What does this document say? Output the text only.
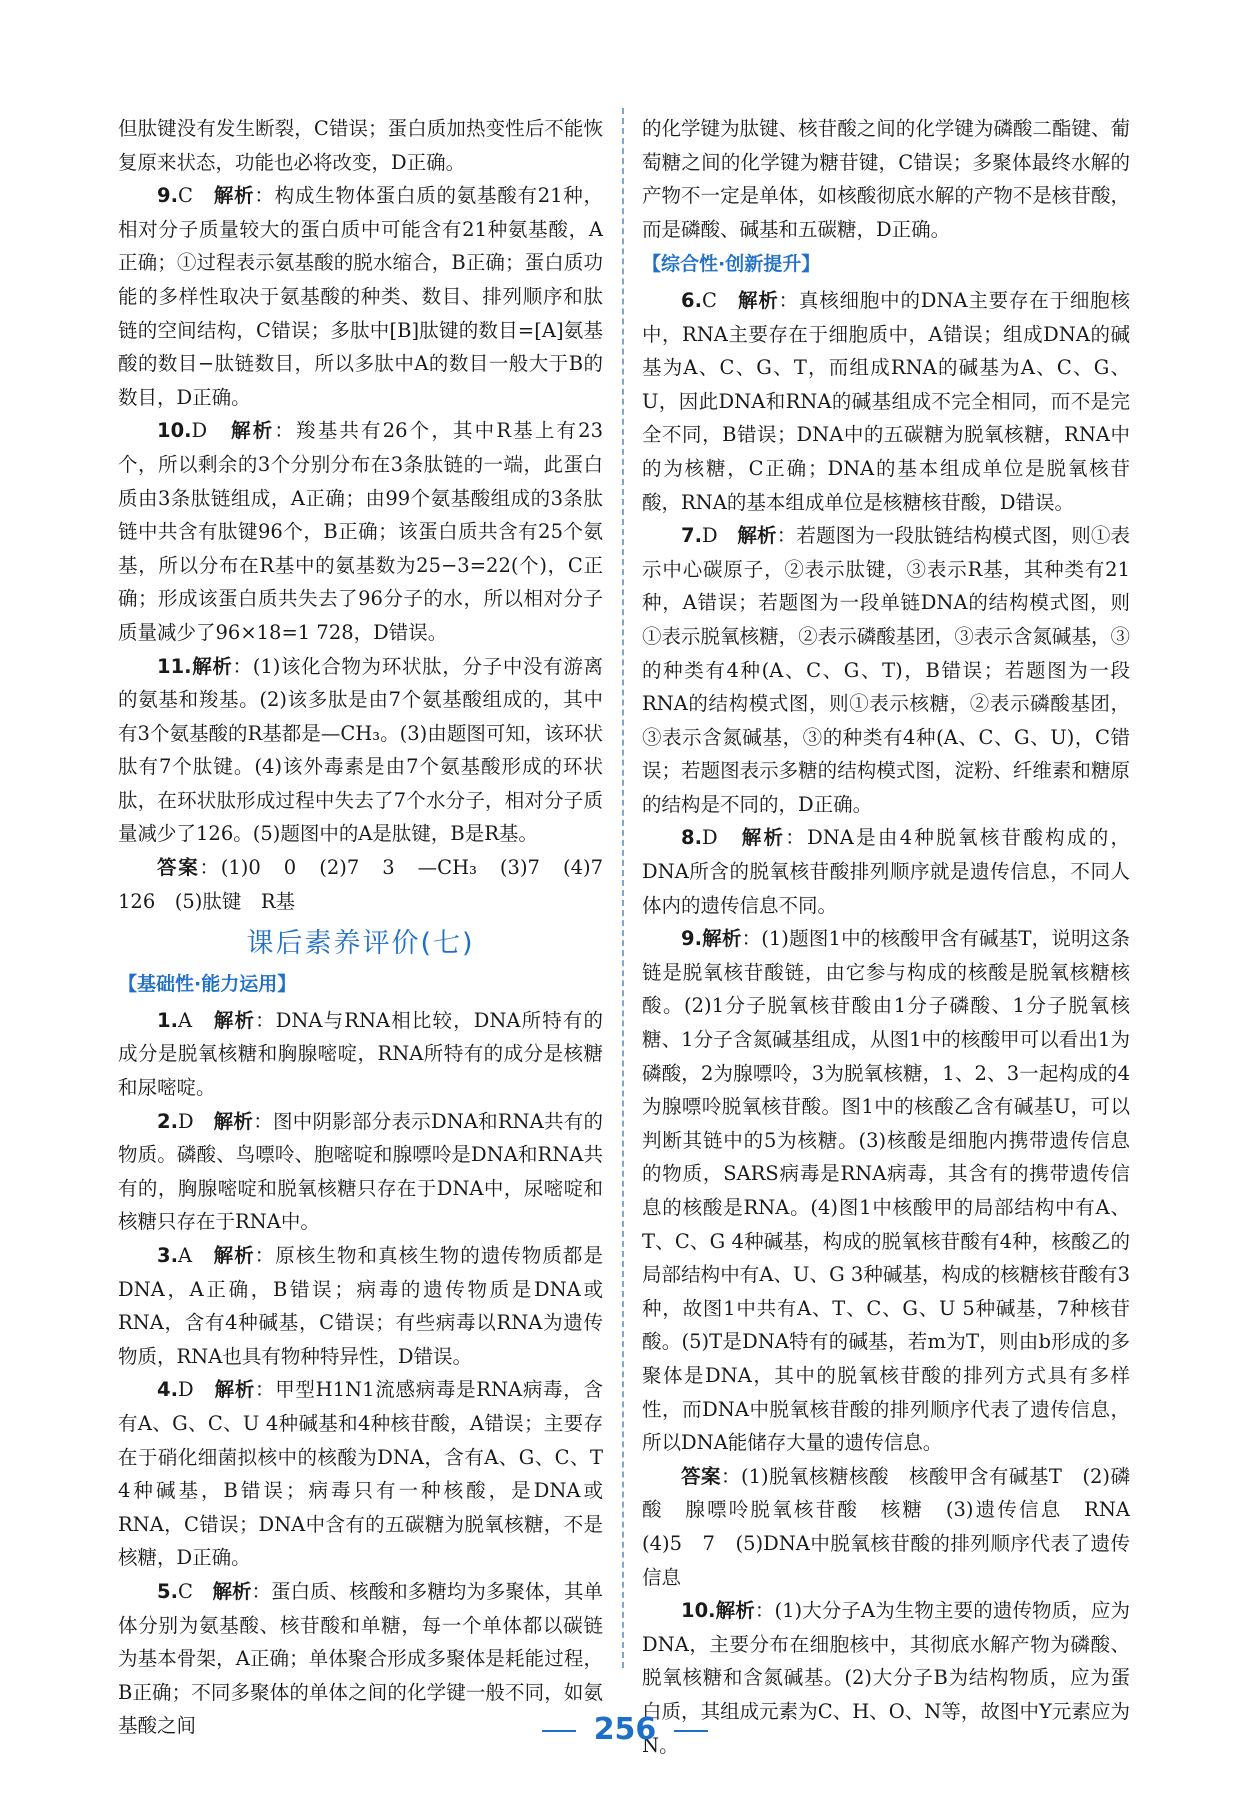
但肽键没有发生断裂，C错误；蛋白质加热变性后不能恢复原来状态，功能也必将改变，D正确。

9.C　 解析：构成生物体蛋白质的氨基酸有21种，相对分子质量较大的蛋白质中可能含有21种氨基酸，A正确；①过程表示氨基酸的脱水缩合，B正确；蛋白质功能的多样性取决于氨基酸的种类、数目、排列顺序和肽链的空间结构，C错误；多肽中[B]肽键的数目=[A]氨基酸的数目−肽链数目，所以多肽中A的数目一般大于B的数目，D正确。

10.D　 解析：羧基共有26个，其中R基上有23个，所以剩余的3个分别分布在3条肽链的一端，此蛋白质由3条肽链组成，A正确；由99个氨基酸组成的3条肽链中共含有肽键96个，B正确；该蛋白质共含有25个氨基，所以分布在R基中的氨基数为25−3=22(个)，C正确；形成该蛋白质共失去了96分子的水，所以相对分子质量减少了96×18=1 728，D错误。

11.解析：(1)该化合物为环状肽，分子中没有游离的氨基和羧基。(2)该多肽是由7个氨基酸组成的，其中有3个氨基酸的R基都是—CH₃。(3)由题图可知，该环状肽有7个肽键。(4)该外毒素是由7个氨基酸形成的环状肽，在环状肽形成过程中失去了7个水分子，相对分子质量减少了126。(5)题图中的A是肽键，B是R基。

答案：(1)0　0　(2)7　3　—CH₃　(3)7　(4)7　126　(5)肽键　R基

课后素养评价(七)

【基础性·能力运用】

1.A　 解析：DNA与RNA相比较，DNA所特有的成分是脱氧核糖和胸腺嘧啶，RNA所特有的成分是核糖和尿嘧啶。

2.D　 解析：图中阴影部分表示DNA和RNA共有的物质。磷酸、鸟嘌呤、胞嘧啶和腺嘌呤是DNA和RNA共有的，胸腺嘧啶和脱氧核糖只存在于DNA中，尿嘧啶和核糖只存在于RNA中。

3.A　 解析：原核生物和真核生物的遗传物质都是DNA，A正确，B错误；病毒的遗传物质是DNA或RNA，含有4种碱基，C错误；有些病毒以RNA为遗传物质，RNA也具有物种特异性，D错误。

4.D　 解析：甲型H1N1流感病毒是RNA病毒，含有A、G、C、U 4种碱基和4种核苷酸，A错误；主要存在于硝化细菌拟核中的核酸为DNA，含有A、G、C、T 4种碱基，B错误；病毒只有一种核酸，是DNA或RNA，C错误；DNA中含有的五碳糖为脱氧核糖，不是核糖，D正确。

5.C　 解析：蛋白质、核酸和多糖均为多聚体，其单体分别为氨基酸、核苷酸和单糖，每一个单体都以碳链为基本骨架，A正确；单体聚合形成多聚体是耗能过程，B正确；不同多聚体的单体之间的化学键一般不同，如氨基酸之间

的化学键为肽键、核苷酸之间的化学键为磷酸二酯键、葡萄糖之间的化学键为糖苷键，C错误；多聚体最终水解的产物不一定是单体，如核酸彻底水解的产物不是核苷酸，而是磷酸、碱基和五碳糖，D正确。

【综合性·创新提升】

6.C　 解析：真核细胞中的DNA主要存在于细胞核中，RNA主要存在于细胞质中，A错误；组成DNA的碱基为A、C、G、T，而组成RNA的碱基为A、C、G、U，因此DNA和RNA的碱基组成不完全相同，而不是完全不同，B错误；DNA中的五碳糖为脱氧核糖，RNA中的为核糖，C正确；DNA的基本组成单位是脱氧核苷酸，RNA的基本组成单位是核糖核苷酸，D错误。

7.D　 解析：若题图为一段肽链结构模式图，则①表示中心碳原子，②表示肽键，③表示R基，其种类有21种，A错误；若题图为一段单链DNA的结构模式图，则①表示脱氧核糖，②表示磷酸基团，③表示含氮碱基，③的种类有4种(A、C、G、T)，B错误；若题图为一段RNA的结构模式图，则①表示核糖，②表示磷酸基团，③表示含氮碱基，③的种类有4种(A、C、G、U)，C错误；若题图表示多糖的结构模式图，淀粉、纤维素和糖原的结构是不同的，D正确。

8.D　 解析：DNA是由4种脱氧核苷酸构成的，DNA所含的脱氧核苷酸排列顺序就是遗传信息，不同人体内的遗传信息不同。

9.解析：(1)题图1中的核酸甲含有碱基T，说明这条链是脱氧核苷酸链，由它参与构成的核酸是脱氧核糖核酸。(2)1分子脱氧核苷酸由1分子磷酸、1分子脱氧核糖、1分子含氮碱基组成，从图1中的核酸甲可以看出1为磷酸，2为腺嘌呤，3为脱氧核糖，1、2、3一起构成的4为腺嘌呤脱氧核苷酸。图1中的核酸乙含有碱基U，可以判断其链中的5为核糖。(3)核酸是细胞内携带遗传信息的物质，SARS病毒是RNA病毒，其含有的携带遗传信息的核酸是RNA。(4)图1中核酸甲的局部结构中有A、T、C、G 4种碱基，构成的脱氧核苷酸有4种，核酸乙的局部结构中有A、U、G 3种碱基，构成的核糖核苷酸有3种，故图1中共有A、T、C、G、U 5种碱基，7种核苷酸。(5)T是DNA特有的碱基，若m为T，则由b形成的多聚体是DNA，其中的脱氧核苷酸的排列方式具有多样性，而DNA中脱氧核苷酸的排列顺序代表了遗传信息，所以DNA能储存大量的遗传信息。

答案：(1)脱氧核糖核酸　核酸甲含有碱基T　(2)磷酸　腺嘌呤脱氧核苷酸　核糖　(3)遗传信息　RNA　(4)5　7　(5)DNA中脱氧核苷酸的排列顺序代表了遗传信息

10.解析：(1)大分子A为生物主要的遗传物质，应为DNA，主要分布在细胞核中，其彻底水解产物为磷酸、脱氧核糖和含氮碱基。(2)大分子B为结构物质，应为蛋白质，其组成元素为C、H、O、N等，故图中Y元素应为N。

256
